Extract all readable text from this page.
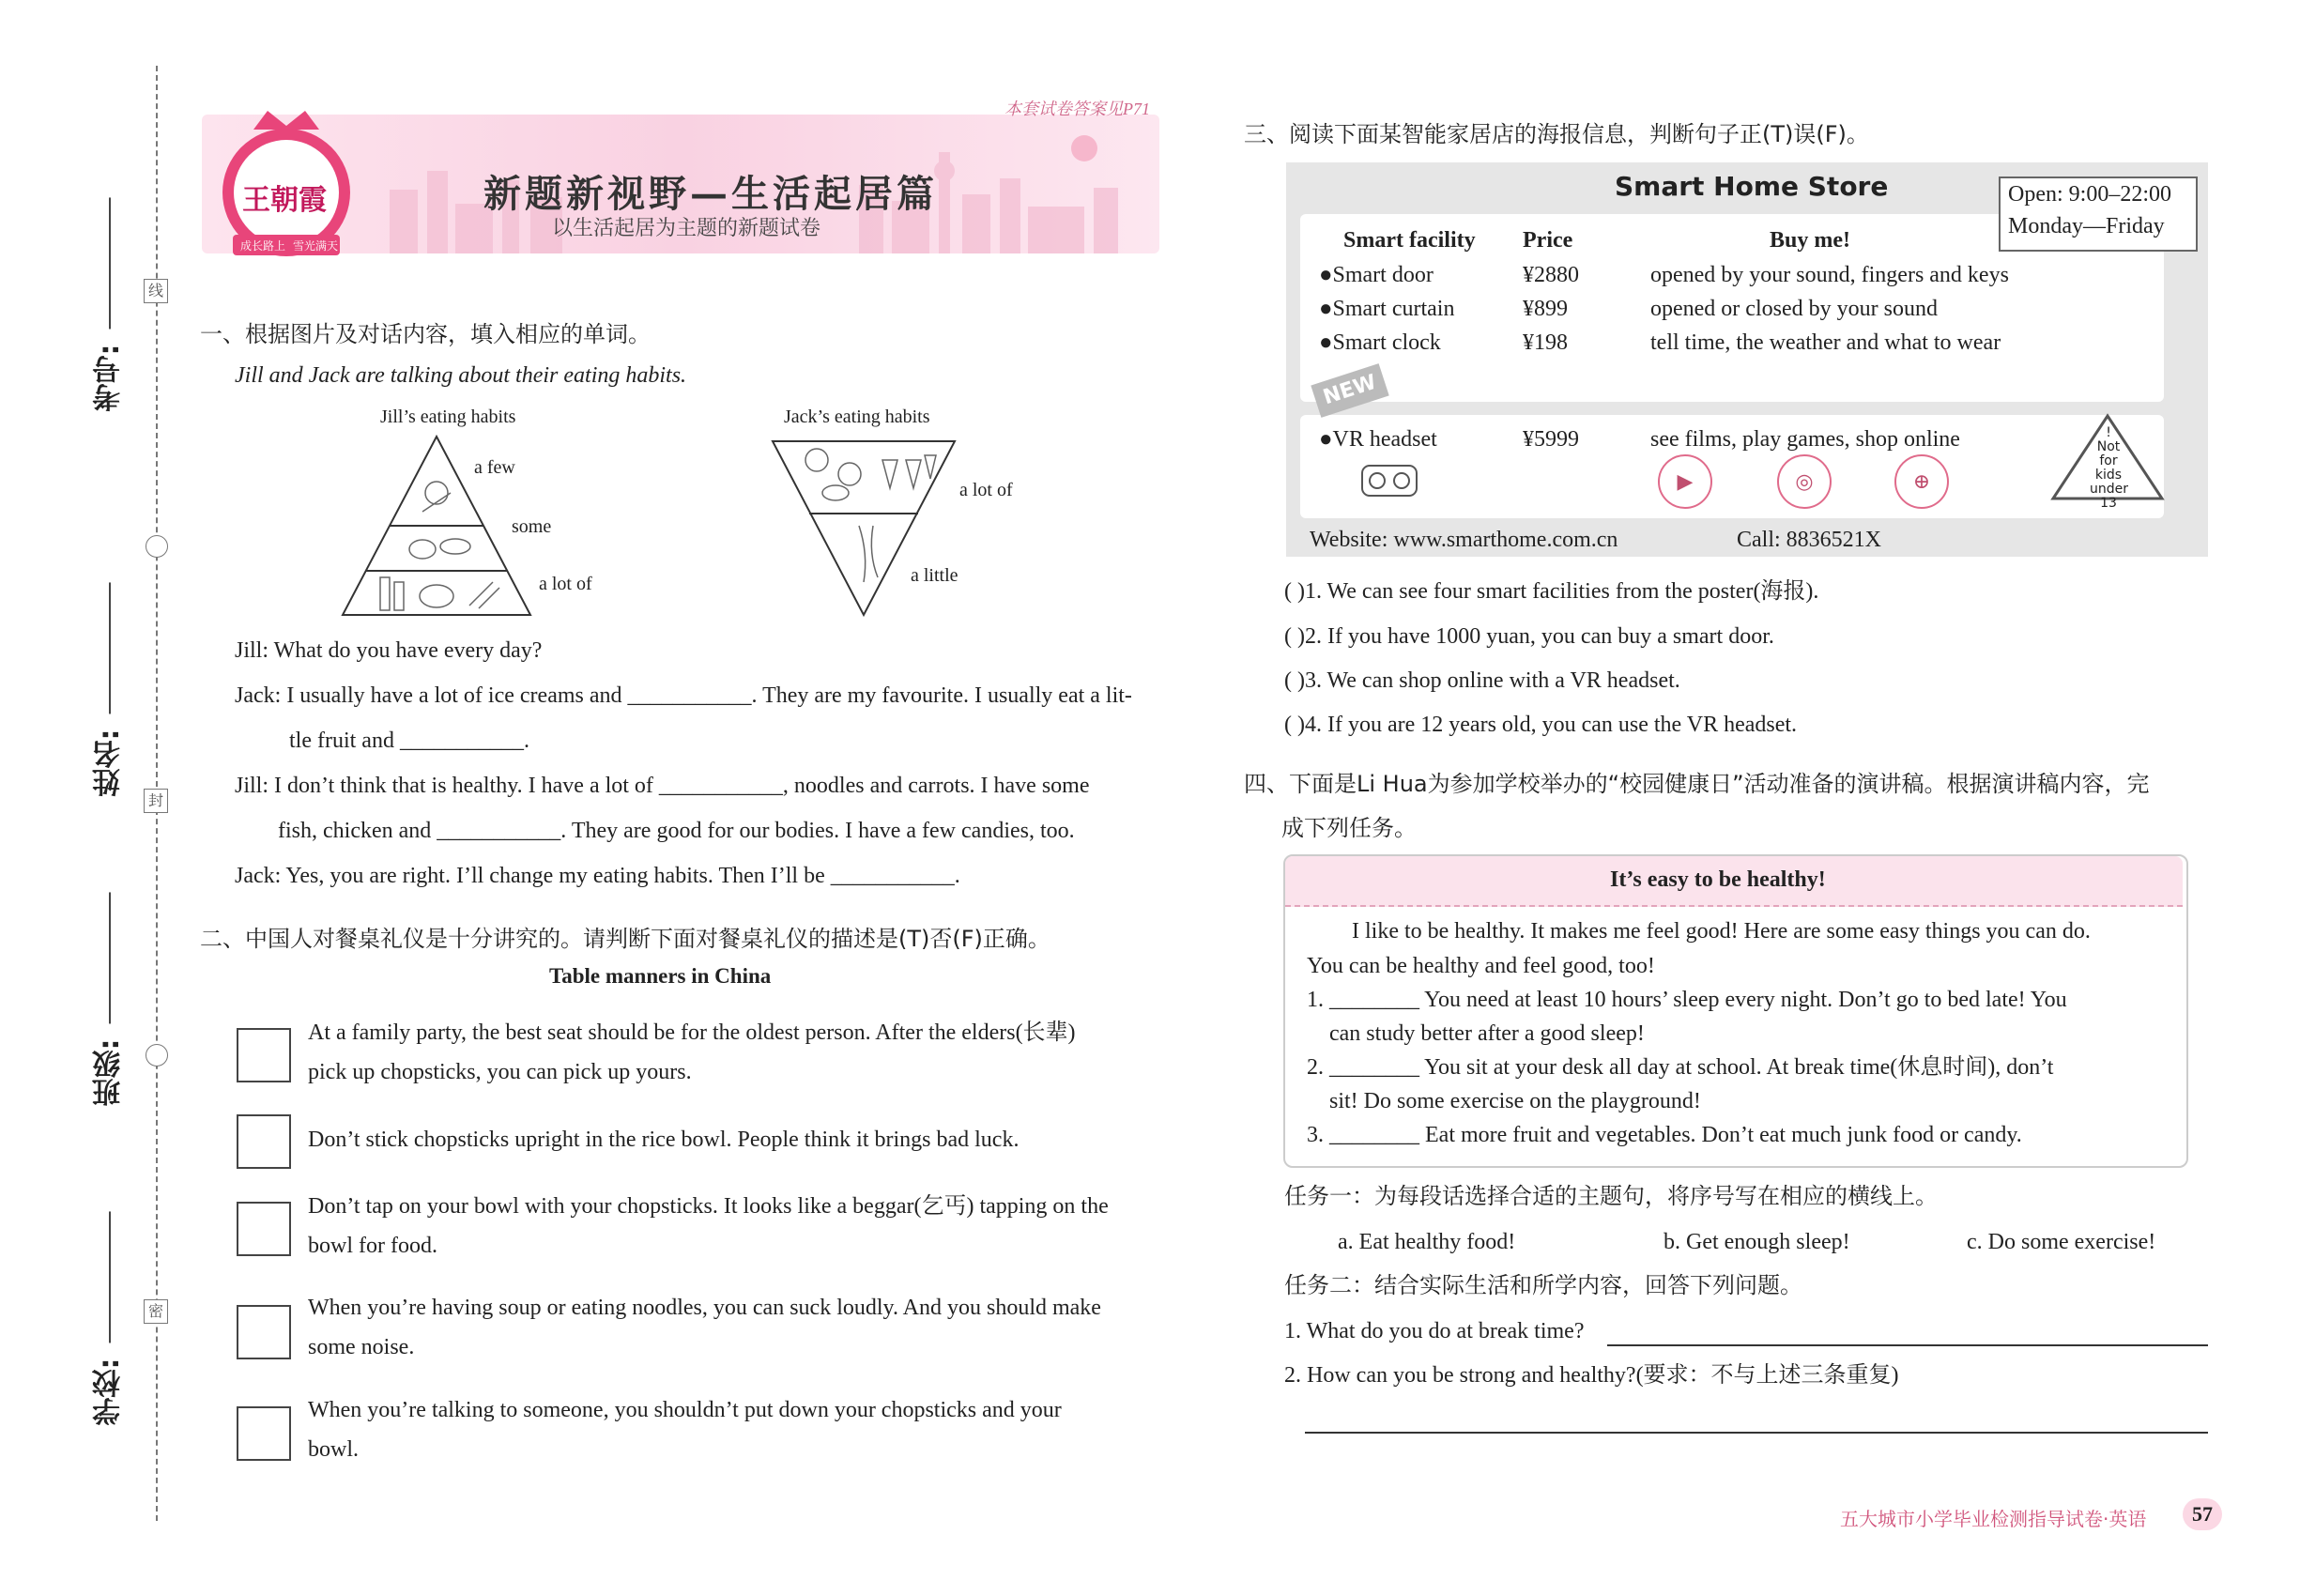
线
封
密
考号:
姓名:
班级:
学校:
王朝霞
成长路上 雪光满天
本套试卷答案见P71
新题新视野—生活起居篇
以生活起居为主题的新题试卷
一、根据图片及对话内容，填入相应的单词。
Jill and Jack are talking about their eating habits.
Jill’s eating habits
a few
some
a lot of
Jack’s eating habits
a lot of
a little
Jill: What do you have every day?
Jack: I usually have a lot of ice creams and ___________. They are my favourite. I usually eat a lit-
tle fruit and ___________.
Jill: I don’t think that is healthy. I have a lot of ___________, noodles and carrots. I have some
fish, chicken and ___________. They are good for our bodies. I have a few candies, too.
Jack: Yes, you are right. I’ll change my eating habits. Then I’ll be ___________.
二、中国人对餐桌礼仪是十分讲究的。请判断下面对餐桌礼仪的描述是(T)否(F)正确。
Table manners in China
At a family party, the best seat should be for the oldest person. After the elders(长辈)
pick up chopsticks, you can pick up yours.
Don’t stick chopsticks upright in the rice bowl. People think it brings bad luck.
Don’t tap on your bowl with your chopsticks. It looks like a beggar(乞丐) tapping on the
bowl for food.
When you’re having soup or eating noodles, you can suck loudly. And you should make
some noise.
When you’re talking to someone, you shouldn’t put down your chopsticks and your
bowl.
三、阅读下面某智能家居店的海报信息，判断句子正(T)误(F)。
Smart Home Store	Open: 9:00–22:00
Monday—Friday
Smart facility Price	Buy me!
●Smart door	¥2880	opened by your sound, fingers and keys
●Smart curtain	¥899	opened or closed by your sound
●Smart clock	¥198	tell time, the weather and what to wear
NEW
●VR headset	¥5999	see films, play games, shop online
▶	◎	⊕
!
Not
for kids
under 13
Website: www.smarthome.com.cn	Call: 8836521X
( )1. We can see four smart facilities from the poster(海报).
( )2. If you have 1000 yuan, you can buy a smart door.
( )3. We can shop online with a VR headset.
( )4. If you are 12 years old, you can use the VR headset.
四、下面是Li Hua为参加学校举办的“校园健康日”活动准备的演讲稿。根据演讲稿内容，完
成下列任务。
It’s easy to be healthy!
I like to be healthy. It makes me feel good! Here are some easy things you can do.
You can be healthy and feel good, too!
1. ________ You need at least 10 hours’ sleep every night. Don’t go to bed late! You
can study better after a good sleep!
2. ________ You sit at your desk all day at school. At break time(休息时间), don’t
sit! Do some exercise on the playground!
3. ________ Eat more fruit and vegetables. Don’t eat much junk food or candy.
任务一：为每段话选择合适的主题句，将序号写在相应的横线上。
a. Eat healthy food!	b. Get enough sleep!	c. Do some exercise!
任务二：结合实际生活和所学内容，回答下列问题。
1. What do you do at break time?
2. How can you be strong and healthy?(要求：不与上述三条重复)
五大城市小学毕业检测指导试卷·英语	57
